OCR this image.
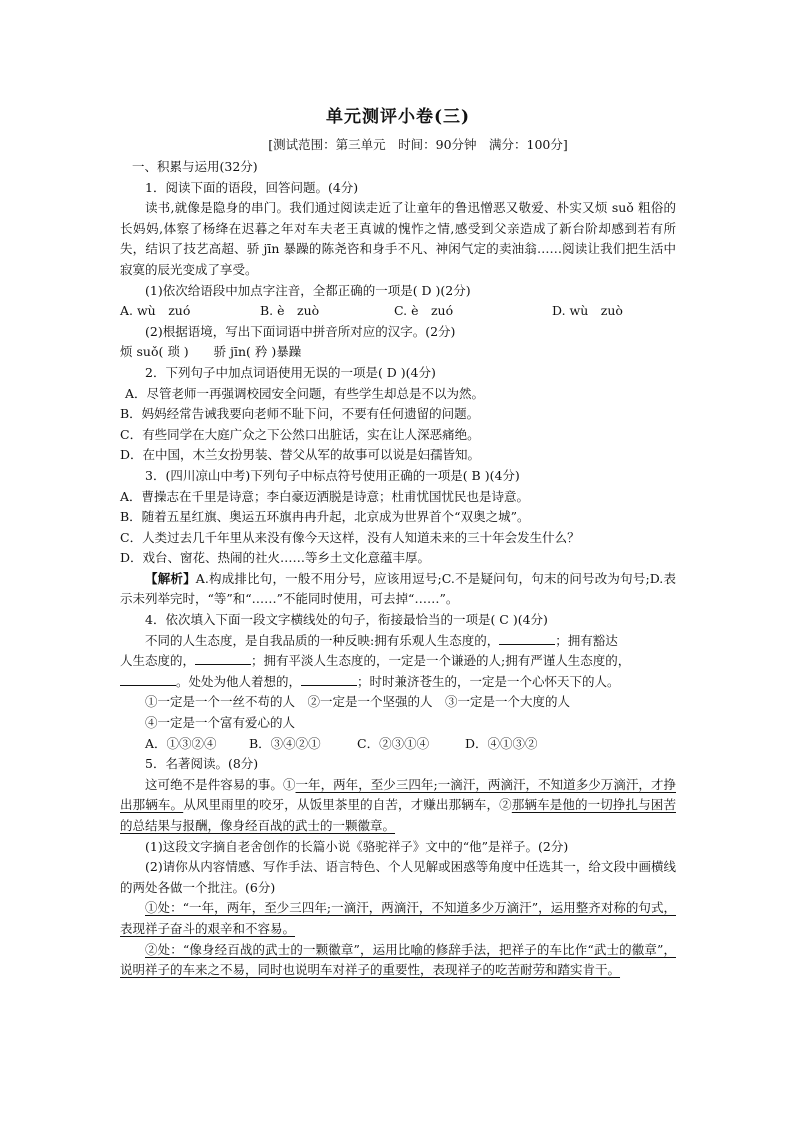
单元测评小卷(三)
[测试范围：第三单元　时间：90分钟　满分：100分]
一、积累与运用(32分)
1．阅读下面的语段，回答问题。(4分)
读书,就像是隐身的串门。我们通过阅读走近了让童年的鲁迅憎恶又敬爱、朴实又烦 suǒ 粗俗的长妈妈,体察了杨绛在迟暮之年对车夫老王真诚的愧怍之情,感受到父亲造成了新台阶却感到若有所失，结识了技艺高超、骄 jīn 暴躁的陈尧咨和身手不凡、神闲气定的卖油翁……阅读让我们把生活中寂寞的辰光变成了享受。
(1)依次给语段中加点字注音，全都正确的一项是( D )(2分)
A. wù　zuó	B. è　zuò	C. è　zuó	D. wù　zuò
(2)根据语境，写出下面词语中拼音所对应的汉字。(2分)
烦 suǒ( 琐 )　　骄 jīn( 矜 )暴躁
2．下列句子中加点词语使用无误的一项是( D )(4分)
A．尽管老师一再强调校园安全问题，有些学生却总是不以为然。
B．妈妈经常告诫我要向老师不耻下问，不要有任何遗留的问题。
C．有些同学在大庭广众之下公然口出脏话，实在让人深恶痛绝。
D．在中国，木兰女扮男装、替父从军的故事可以说是妇孺皆知。
3．(四川凉山中考)下列句子中标点符号使用正确的一项是( B )(4分)
A．曹操志在千里是诗意；李白豪迈洒脱是诗意；杜甫忧国忧民也是诗意。
B．随着五星红旗、奥运五环旗冉冉升起，北京成为世界首个“双奥之城”。
C．人类过去几千年里从来没有像今天这样，没有人知道未来的三十年会发生什么？
D．戏台、窗花、热闹的社火……等乡土文化意蕴丰厚。
【解析】A.构成排比句，一般不用分号，应该用逗号;C.不是疑问句，句末的问号改为句号;D.表示未列举完时，“等”和“……”不能同时使用，可去掉“……”。
4．依次填入下面一段文字横线处的句子，衔接最恰当的一项是( C )(4分)
不同的人生态度，是自我品质的一种反映:拥有乐观人生态度的，	；拥有豁达
人生态度的，	；拥有平淡人生态度的，一定是一个谦逊的人;拥有严谨人生态度的，
。处处为他人着想的，	；时时兼济苍生的，一定是一个心怀天下的人。
①一定是一个一丝不苟的人　②一定是一个坚强的人　③一定是一个大度的人
④一定是一个富有爱心的人
A．①③②④	B．③④②①	C．②③①④	D．④①③②
5．名著阅读。(8分)
这可绝不是件容易的事。①一年，两年，至少三四年;一滴汗，两滴汗，不知道多少万滴汗，才挣出那辆车。从风里雨里的咬牙，从饭里茶里的自苦，才赚出那辆车，②那辆车是他的一切挣扎与困苦的总结果与报酬，像身经百战的武士的一颗徽章。
(1)这段文字摘自老舍创作的长篇小说《骆驼祥子》文中的“他”是祥子。(2分)
(2)请你从内容情感、写作手法、语言特色、个人见解或困惑等角度中任选其一，给文段中画横线的两处各做一个批注。(6分)
①处：“一年，两年，至少三四年;一滴汗，两滴汗，不知道多少万滴汗”，运用整齐对称的句式，表现祥子奋斗的艰辛和不容易。
②处：“像身经百战的武士的一颗徽章”，运用比喻的修辞手法，把祥子的车比作“武士的徽章”，说明祥子的车来之不易，同时也说明车对祥子的重要性，表现祥子的吃苦耐劳和踏实肯干。
